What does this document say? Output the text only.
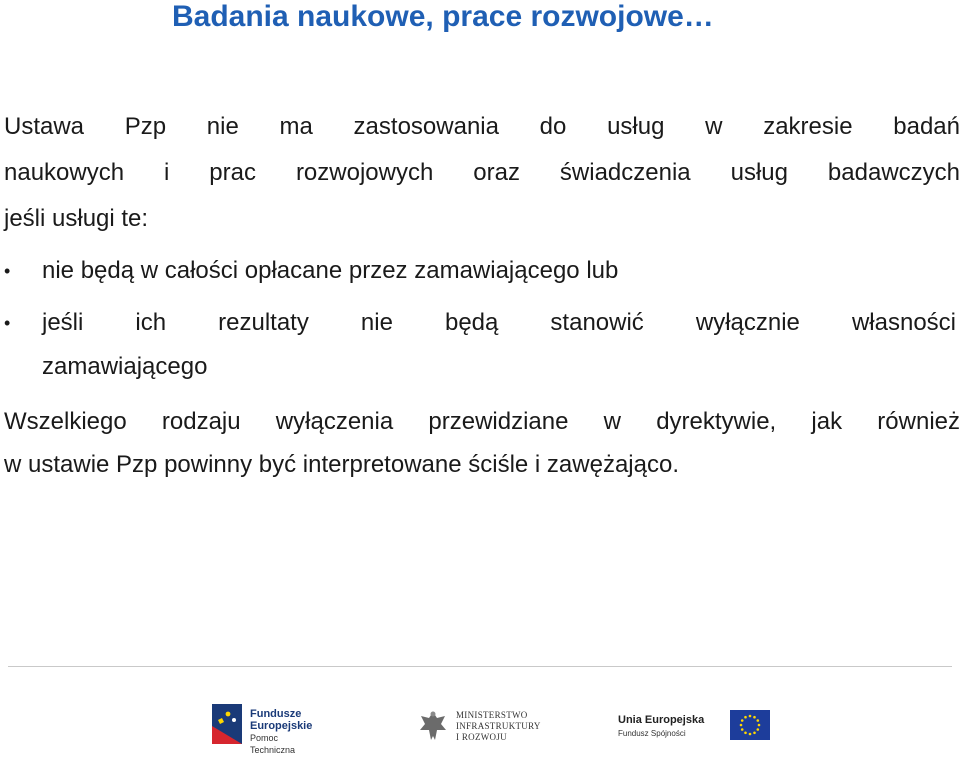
Badania naukowe, prace rozwojowe…
Ustawa Pzp nie ma zastosowania do usług w zakresie badań
naukowych i prac rozwojowych oraz świadczenia usług badawczych
jeśli usługi te:
• nie będą w całości opłacane przez zamawiającego lub
• jeśli ich rezultaty nie będą stanowić wyłącznie własności
zamawiającego
Wszelkiego rodzaju wyłączenia przewidziane w dyrektywie, jak również
w ustawie Pzp powinny być interpretowane ściśle i zawężająco.
Fundusze
Europejskie
Pomoc Techniczna
MINISTERSTWO
INFRASTRUKTURY
I ROZWOJU
Unia Europejska
Fundusz Spójności
